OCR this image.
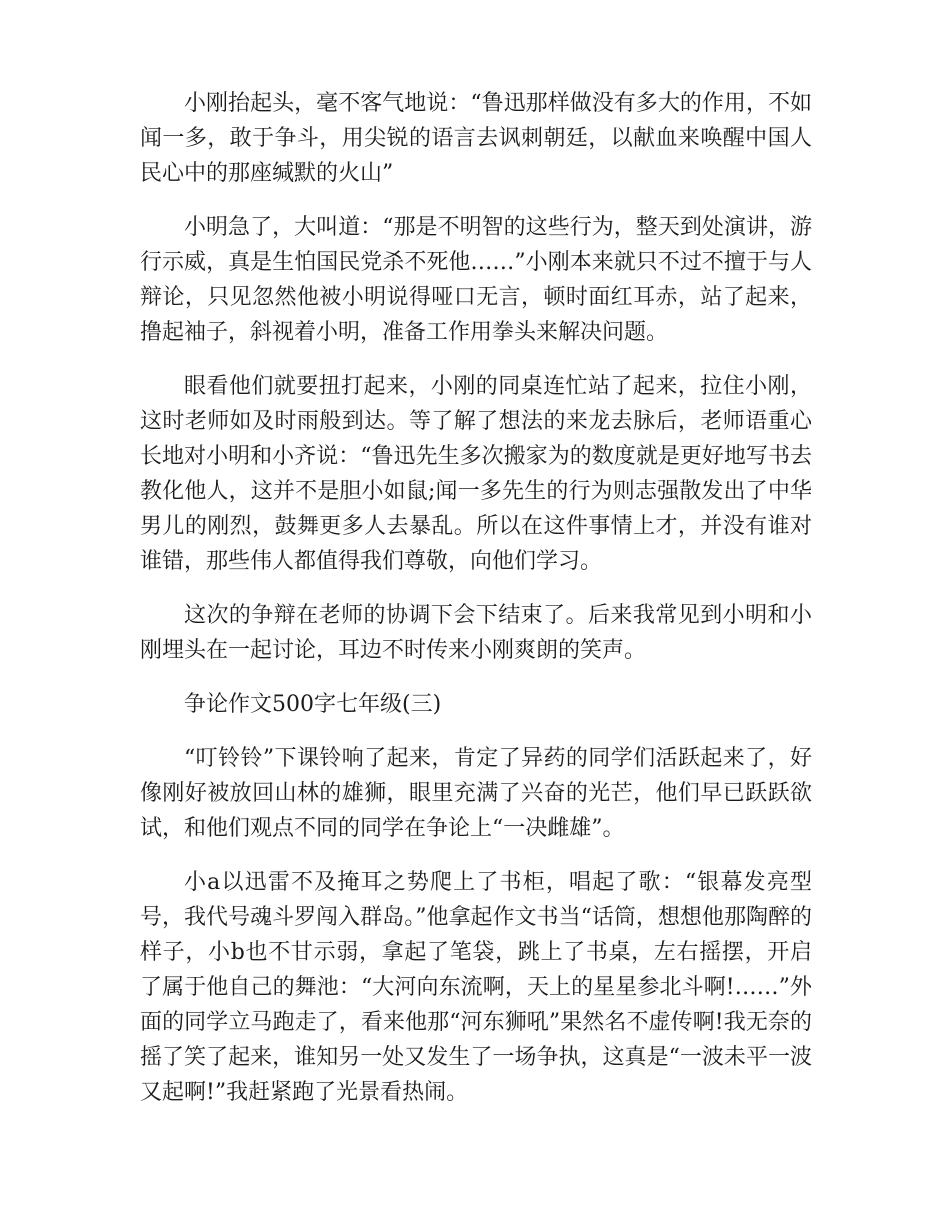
小刚抬起头，毫不客气地说：“鲁迅那样做没有多大的作用，不如闻一多，敢于争斗，用尖锐的语言去讽刺朝廷，以献血来唤醒中国人民心中的那座缄默的火山”

小明急了，大叫道：“那是不明智的这些行为，整天到处演讲，游行示威，真是生怕国民党杀不死他……”小刚本来就只不过不擅于与人辩论，只见忽然他被小明说得哑口无言，顿时面红耳赤，站了起来，撸起袖子，斜视着小明，准备工作用拳头来解决问题。

眼看他们就要扭打起来，小刚的同桌连忙站了起来，拉住小刚，这时老师如及时雨般到达。等了解了想法的来龙去脉后，老师语重心长地对小明和小齐说：“鲁迅先生多次搬家为的数度就是更好地写书去教化他人，这并不是胆小如鼠;闻一多先生的行为则志强散发出了中华男儿的刚烈，鼓舞更多人去暴乱。所以在这件事情上才，并没有谁对谁错，那些伟人都值得我们尊敬，向他们学习。

这次的争辩在老师的协调下会下结束了。后来我常见到小明和小刚埋头在一起讨论，耳边不时传来小刚爽朗的笑声。

争论作文500字七年级(三)

“叮铃铃”下课铃响了起来，肯定了异药的同学们活跃起来了，好像刚好被放回山林的雄狮，眼里充满了兴奋的光芒，他们早已跃跃欲试，和他们观点不同的同学在争论上“一决雌雄”。

小a以迅雷不及掩耳之势爬上了书柜，唱起了歌：“银幕发亮型号，我代号魂斗罗闯入群岛。”他拿起作文书当“话筒，想想他那陶醉的样子，小b也不甘示弱，拿起了笔袋，跳上了书桌，左右摇摆，开启了属于他自己的舞池：“大河向东流啊，天上的星星参北斗啊!……”外面的同学立马跑走了，看来他那“河东狮吼”果然名不虚传啊!我无奈的摇了笑了起来，谁知另一处又发生了一场争执，这真是“一波未平一波又起啊!”我赶紧跑了光景看热闹。
